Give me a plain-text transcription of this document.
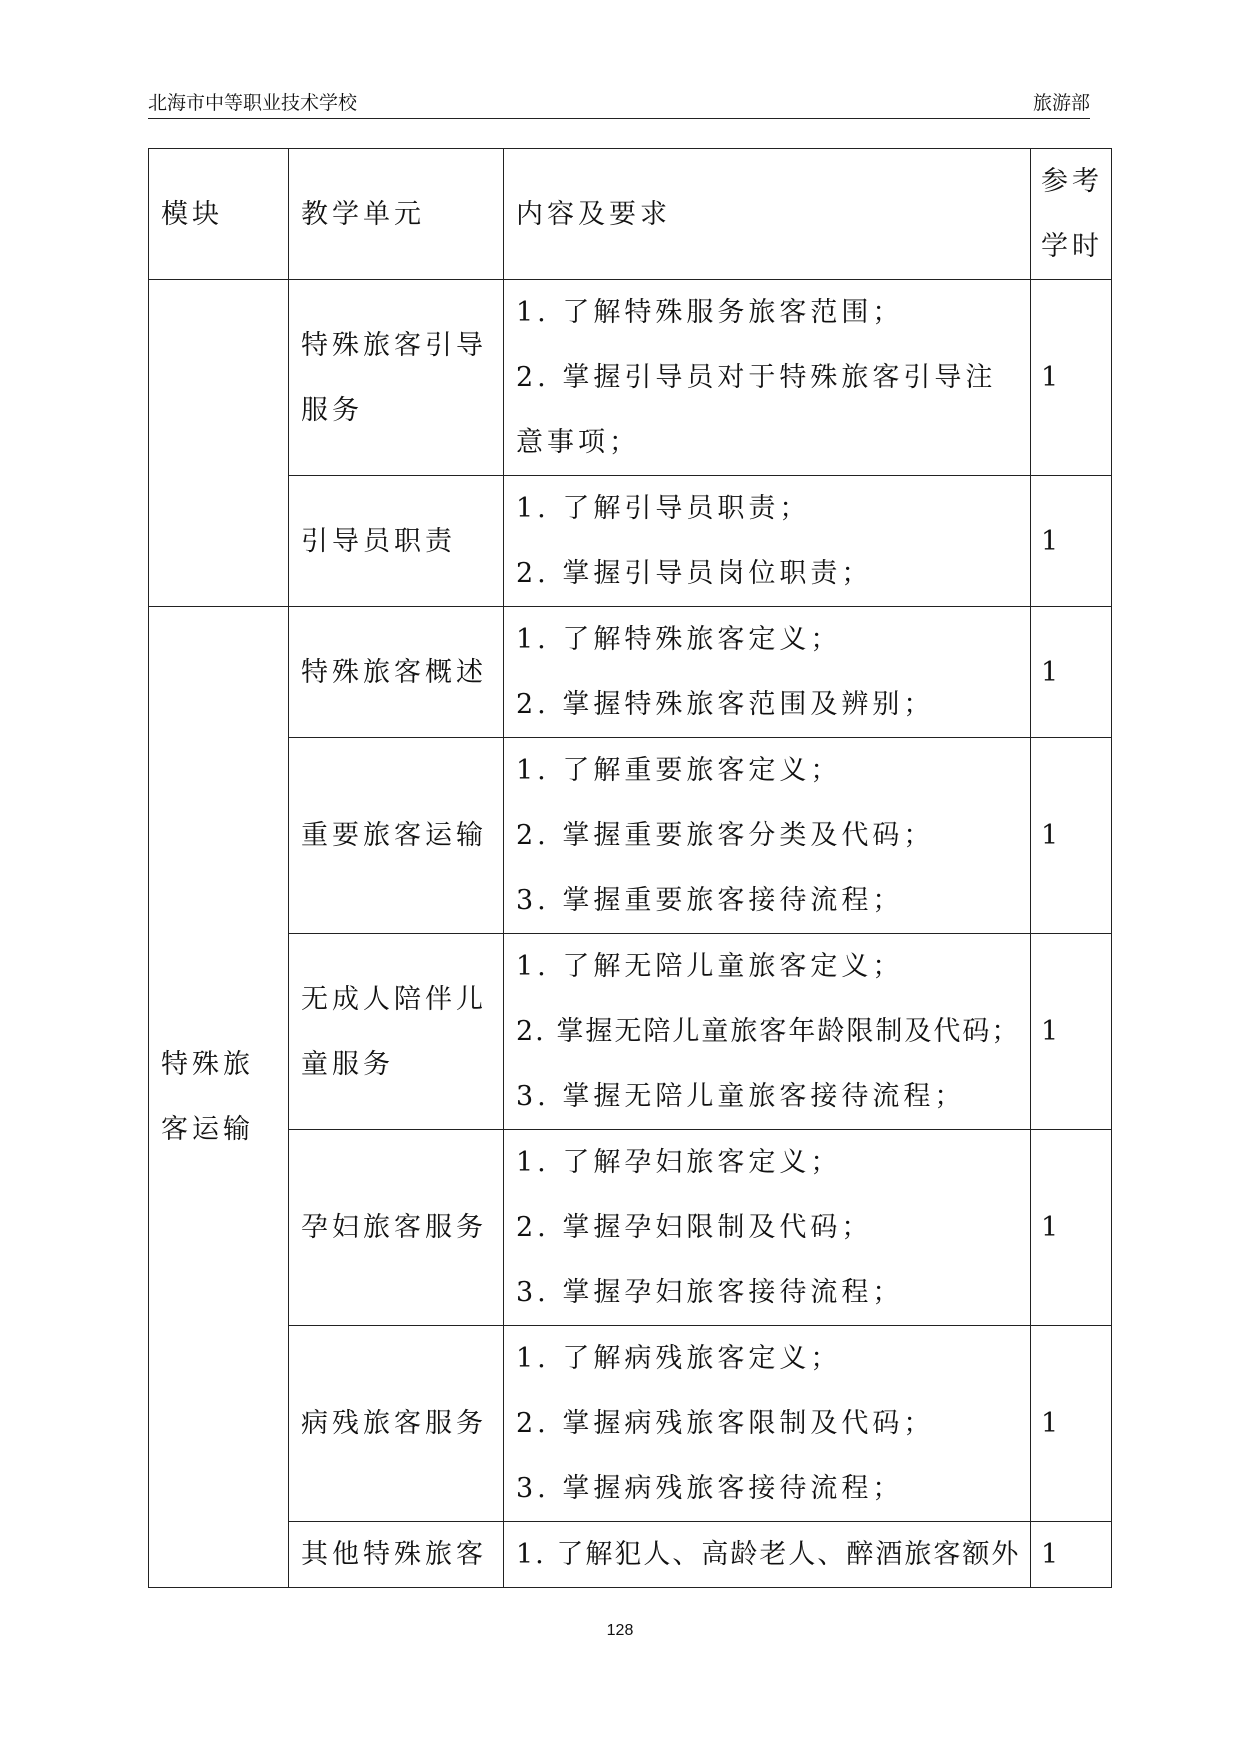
北海市中等职业技术学校	旅游部
模块	教学单元	内容及要求	参考
学时

	特殊旅客引导服务	1. 了解特殊服务旅客范围；
2. 掌握引导员对于特殊旅客引导注意事项；	1
	引导员职责	1. 了解引导员职责；
2. 掌握引导员岗位职责；	1

特殊旅客运输	特殊旅客概述	1. 了解特殊旅客定义；
2. 掌握特殊旅客范围及辨别；	1
	重要旅客运输	1. 了解重要旅客定义；
2. 掌握重要旅客分类及代码；
3. 掌握重要旅客接待流程；	1

	无成人陪伴儿童服务	1. 了解无陪儿童旅客定义；
2. 掌握无陪儿童旅客年龄限制及代码；
3. 掌握无陪儿童旅客接待流程；	1
	孕妇旅客服务	1. 了解孕妇旅客定义；
2. 掌握孕妇限制及代码；
3. 掌握孕妇旅客接待流程；	1
	病残旅客服务	1. 了解病残旅客定义；
2. 掌握病残旅客限制及代码；
3. 掌握病残旅客接待流程；	1
	其他特殊旅客	1. 了解犯人、高龄老人、醉酒旅客额外	1
128
